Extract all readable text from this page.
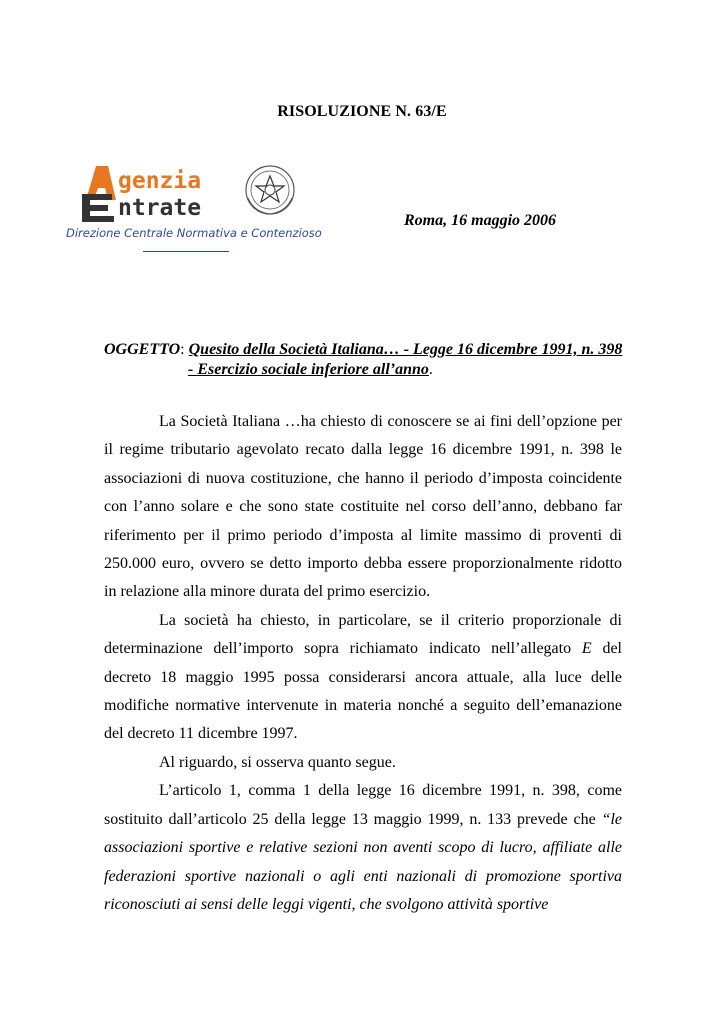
RISOLUZIONE N. 63/E
genzia
ntrate
Direzione Centrale Normativa e Contenzioso
Roma, 16 maggio 2006
OGGETTO: Quesito della Società Italiana… - Legge 16 dicembre 1991, n. 398
- Esercizio sociale inferiore all’anno.

La Società Italiana …ha chiesto di conoscere se ai fini dell’opzione per il regime tributario agevolato recato dalla legge 16 dicembre 1991, n. 398 le associazioni di nuova costituzione, che hanno il periodo d’imposta coincidente con l’anno solare e che sono state costituite nel corso dell’anno, debbano far riferimento per il primo periodo d’imposta al limite massimo di proventi di 250.000 euro, ovvero se detto importo debba essere proporzionalmente ridotto in relazione alla minore durata del primo esercizio.

La società ha chiesto, in particolare, se il criterio proporzionale di determinazione dell’importo sopra richiamato indicato nell’allegato E del decreto 18 maggio 1995 possa considerarsi ancora attuale, alla luce delle modifiche normative intervenute in materia nonché a seguito dell’emanazione del decreto 11 dicembre 1997.

Al riguardo, si osserva quanto segue.

L’articolo 1, comma 1 della legge 16 dicembre 1991, n. 398, come sostituito dall’articolo 25 della legge 13 maggio 1999, n. 133 prevede che “le associazioni sportive e relative sezioni non aventi scopo di lucro, affiliate alle federazioni sportive nazionali o agli enti nazionali di promozione sportiva riconosciuti ai sensi delle leggi vigenti, che svolgono attività sportive
